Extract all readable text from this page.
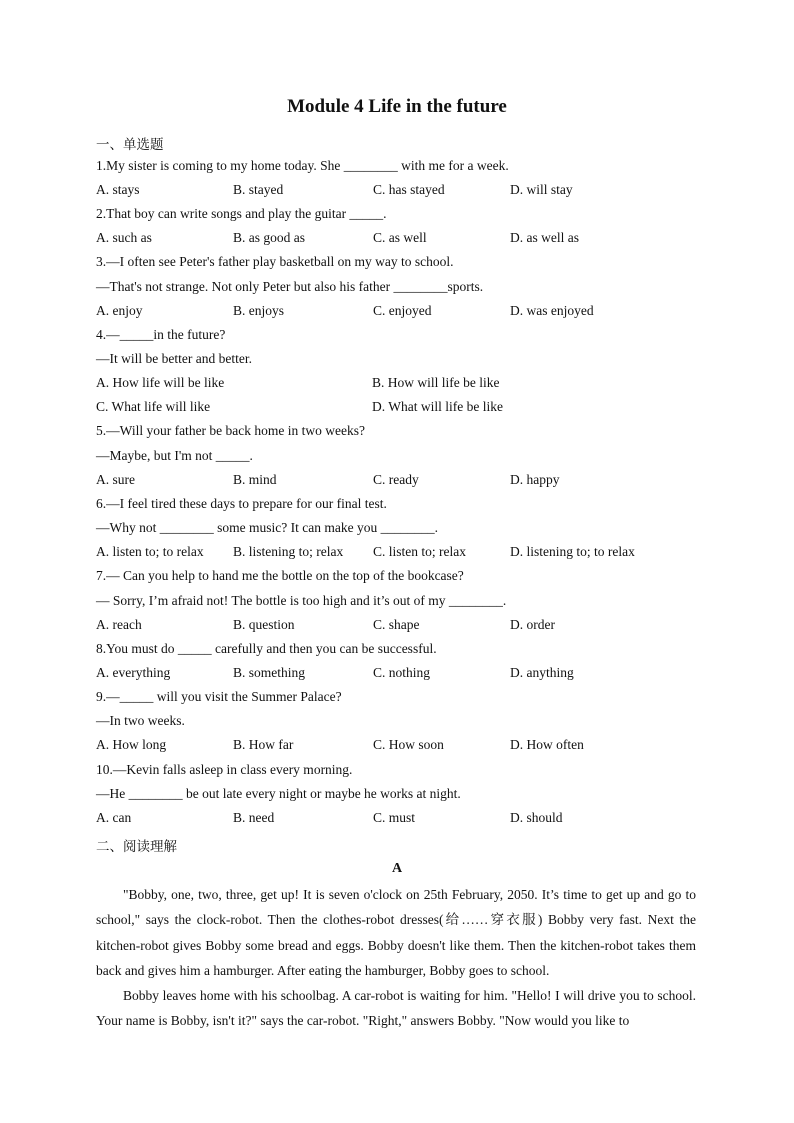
Module 4 Life in the future
一、单选题
1.My sister is coming to my home today. She ________ with me for a week.
A. stays	B. stayed	C. has stayed	D. will stay
2.That boy can write songs and play the guitar _____.
A. such as	B. as good as	C. as well	D. as well as
3.—I often see Peter's father play basketball on my way to school.
—That's not strange. Not only Peter but also his father ________sports.
A. enjoy	B. enjoys	C. enjoyed	D. was enjoyed
4.—_____in the future?
—It will be better and better.
A. How life will be like	B. How will life be like
C. What life will like	D. What will life be like
5.—Will your father be back home in two weeks?
—Maybe, but I'm not _____.
A. sure	B. mind	C. ready	D. happy
6.—I feel tired these days to prepare for our final test.
—Why not ________ some music? It can make you ________.
A. listen to; to relax B. listening to; relax C. listen to; relax	D. listening to; to relax
7.— Can you help to hand me the bottle on the top of the bookcase?
— Sorry, I’m afraid not! The bottle is too high and it’s out of my ________.
A. reach	B. question	C. shape	D. order
8.You must do _____ carefully and then you can be successful.
A. everything	B. something	C. nothing	D. anything
9.—_____ will you visit the Summer Palace?
—In two weeks.
A. How long	B. How far	C. How soon	D. How often
10.—Kevin falls asleep in class every morning.
—He ________ be out late every night or maybe he works at night.
A. can	B. need	C. must	D. should
二、阅读理解
A
"Bobby, one, two, three, get up! It is seven o'clock on 25th February, 2050. It’s time to get up and go to school," says the clock-robot. Then the clothes-robot dresses(给……穿衣服) Bobby very fast. Next the kitchen-robot gives Bobby some bread and eggs. Bobby doesn't like them. Then the kitchen-robot takes them back and gives him a hamburger. After eating the hamburger, Bobby goes to school.
Bobby leaves home with his schoolbag. A car-robot is waiting for him. "Hello! I will drive you to school. Your name is Bobby, isn't it?" says the car-robot. "Right," answers Bobby. "Now would you like to
